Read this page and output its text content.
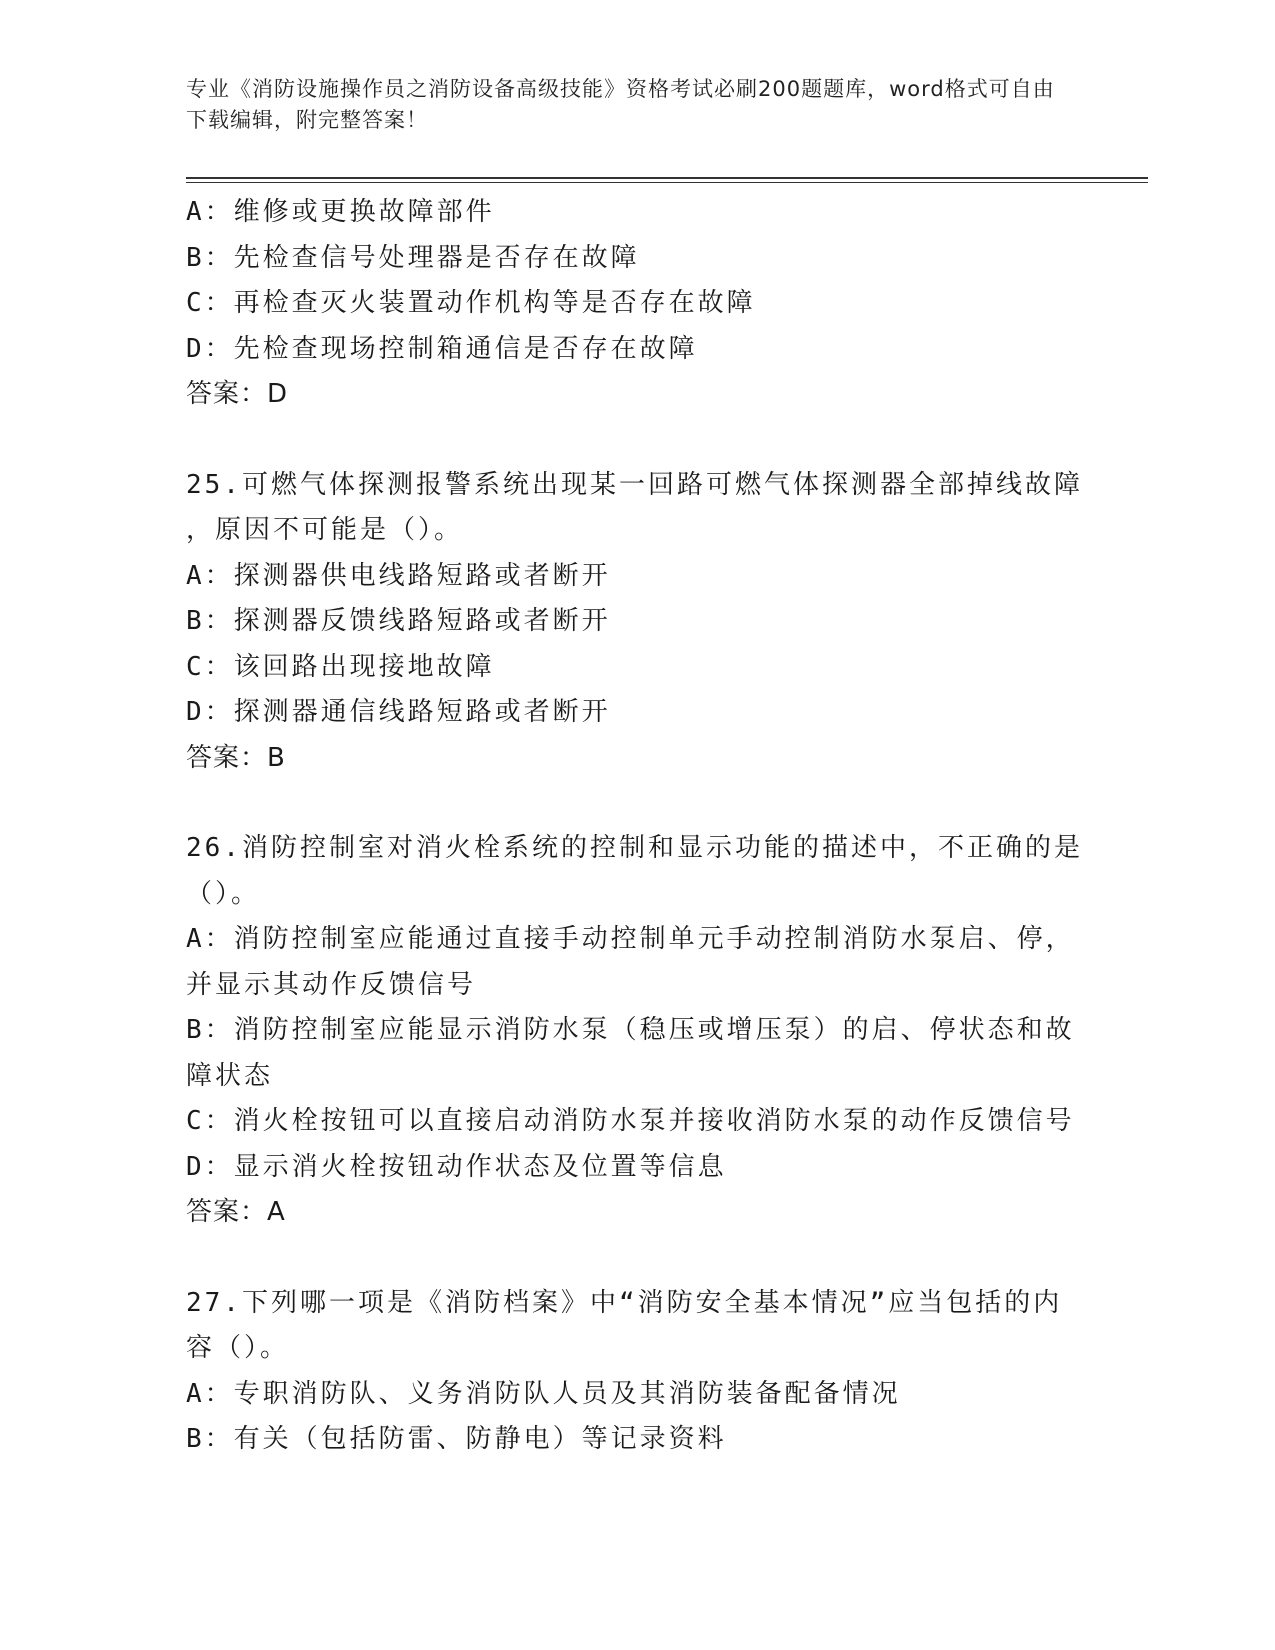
专业《消防设施操作员之消防设备高级技能》资格考试必刷200题题库，word格式可自由下载编辑，附完整答案！
A：维修或更换故障部件
B：先检查信号处理器是否存在故障
C：再检查灭火装置动作机构等是否存在故障
D：先检查现场控制箱通信是否存在故障
答案：D
25.可燃气体探测报警系统出现某一回路可燃气体探测器全部掉线故障
，原因不可能是（）。
A：探测器供电线路短路或者断开
B：探测器反馈线路短路或者断开
C：该回路出现接地故障
D：探测器通信线路短路或者断开
答案：B
26.消防控制室对消火栓系统的控制和显示功能的描述中，不正确的是
（）。
A：消防控制室应能通过直接手动控制单元手动控制消防水泵启、停，
并显示其动作反馈信号
B：消防控制室应能显示消防水泵（稳压或增压泵）的启、停状态和故
障状态
C：消火栓按钮可以直接启动消防水泵并接收消防水泵的动作反馈信号
D：显示消火栓按钮动作状态及位置等信息
答案：A
27.下列哪一项是《消防档案》中“消防安全基本情况”应当包括的内
容（）。
A：专职消防队、义务消防队人员及其消防装备配备情况
B：有关（包括防雷、防静电）等记录资料
